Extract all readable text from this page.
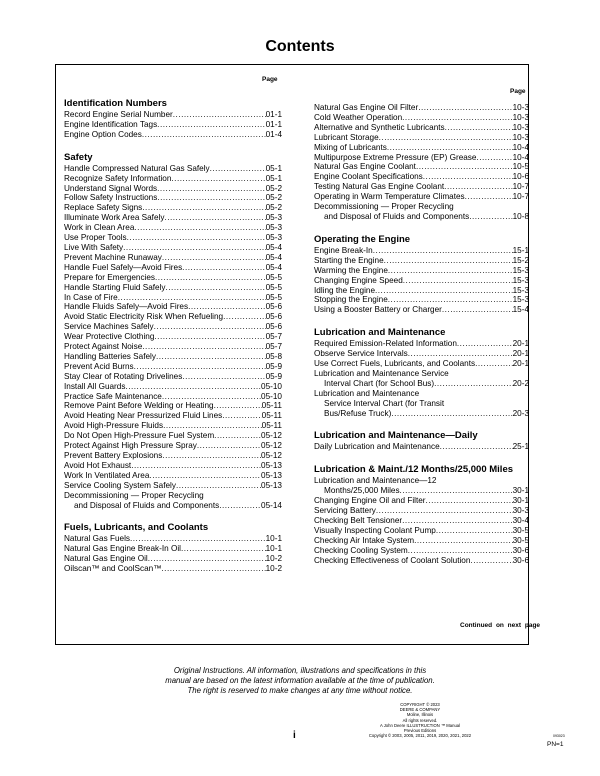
Contents
Page
Page
Identification Numbers
Record Engine Serial Number .....	01-1
Engine Identification Tags .....	01-1
Engine Option Codes .....	01-4
Safety
Handle Compressed Natural Gas Safely .....	05-1
Recognize Safety Information .....	05-1
Understand Signal Words .....	05-2
Follow Safety Instructions .....	05-2
Replace Safety Signs .....	05-2
Illuminate Work Area Safely .....	05-3
Work in Clean Area .....	05-3
Use Proper Tools .....	05-3
Live With Safety .....	05-4
Prevent Machine Runaway .....	05-4
Handle Fuel Safely—Avoid Fires .....	05-4
Prepare for Emergencies .....	05-5
Handle Starting Fluid Safely .....	05-5
In Case of Fire .....	05-5
Handle Fluids Safely—Avoid Fires .....	05-6
Avoid Static Electricity Risk When Refueling .....	05-6
Service Machines Safely .....	05-6
Wear Protective Clothing .....	05-7
Protect Against Noise .....	05-7
Handling Batteries Safely .....	05-8
Prevent Acid Burns .....	05-9
Stay Clear of Rotating Drivelines .....	05-9
Install All Guards .....	05-10
Practice Safe Maintenance .....	05-10
Remove Paint Before Welding or Heating .....	05-11
Avoid Heating Near Pressurized Fluid Lines .....	05-11
Avoid High-Pressure Fluids .....	05-11
Do Not Open High-Pressure Fuel System .....	05-12
Protect Against High Pressure Spray .....	05-12
Prevent Battery Explosions .....	05-12
Avoid Hot Exhaust .....	05-13
Work In Ventilated Area .....	05-13
Service Cooling System Safely .....	05-13
Decommissioning — Proper Recycling
and Disposal of Fluids and Components .....	05-14
Fuels, Lubricants, and Coolants
Natural Gas Fuels .....	10-1
Natural Gas Engine Break-In Oil .....	10-1
Natural Gas Engine Oil .....	10-2
Oilscan™ and CoolScan™ .....	10-2
Natural Gas Engine Oil Filter .....	10-3
Cold Weather Operation .....	10-3
Alternative and Synthetic Lubricants .....	10-3
Lubricant Storage .....	10-3
Mixing of Lubricants .....	10-4
Multipurpose Extreme Pressure (EP) Grease .....	10-4
Natural Gas Engine Coolant .....	10-5
Engine Coolant Specifications .....	10-6
Testing Natural Gas Engine Coolant .....	10-7
Operating in Warm Temperature Climates .....	10-7
Decommissioning — Proper Recycling
and Disposal of Fluids and Components .....	10-8
Operating the Engine
Engine Break-In .....	15-1
Starting the Engine .....	15-2
Warming the Engine .....	15-3
Changing Engine Speed .....	15-3
Idling the Engine .....	15-3
Stopping the Engine .....	15-3
Using a Booster Battery or Charger .....	15-4
Lubrication and Maintenance
Required Emission-Related Information .....	20-1
Observe Service Intervals .....	20-1
Use Correct Fuels, Lubricants, and Coolants .....	20-1
Lubrication and Maintenance Service
Interval Chart (for School Bus) .....	20-2
Lubrication and Maintenance
Service Interval Chart (for Transit
Bus/Refuse Truck) .....	20-3
Lubrication and Maintenance—Daily
Daily Lubrication and Maintenance .....	25-1
Lubrication & Maint./12 Months/25,000 Miles
Lubrication and Maintenance—12
Months/25,000 Miles .....	30-1
Changing Engine Oil and Filter .....	30-1
Servicing Battery .....	30-3
Checking Belt Tensioner .....	30-4
Visually Inspecting Coolant Pump .....	30-5
Checking Air Intake System .....	30-5
Checking Cooling System .....	30-6
Checking Effectiveness of Coolant Solution .....	30-6
Continued on next page
Original Instructions. All information, illustrations and specifications in this
manual are based on the latest information available at the time of publication.
The right is reserved to make changes at any time without notice.
COPYRIGHT © 2023
DEERE & COMPANY
Moline, Illinois
All rights reserved.
A John Deere ILLUSTRUCTION ™ Manual
Previous Editions
Copyright © 2003, 2005, 2011, 2019, 2020, 2021, 2022
i	093023
PN=1
